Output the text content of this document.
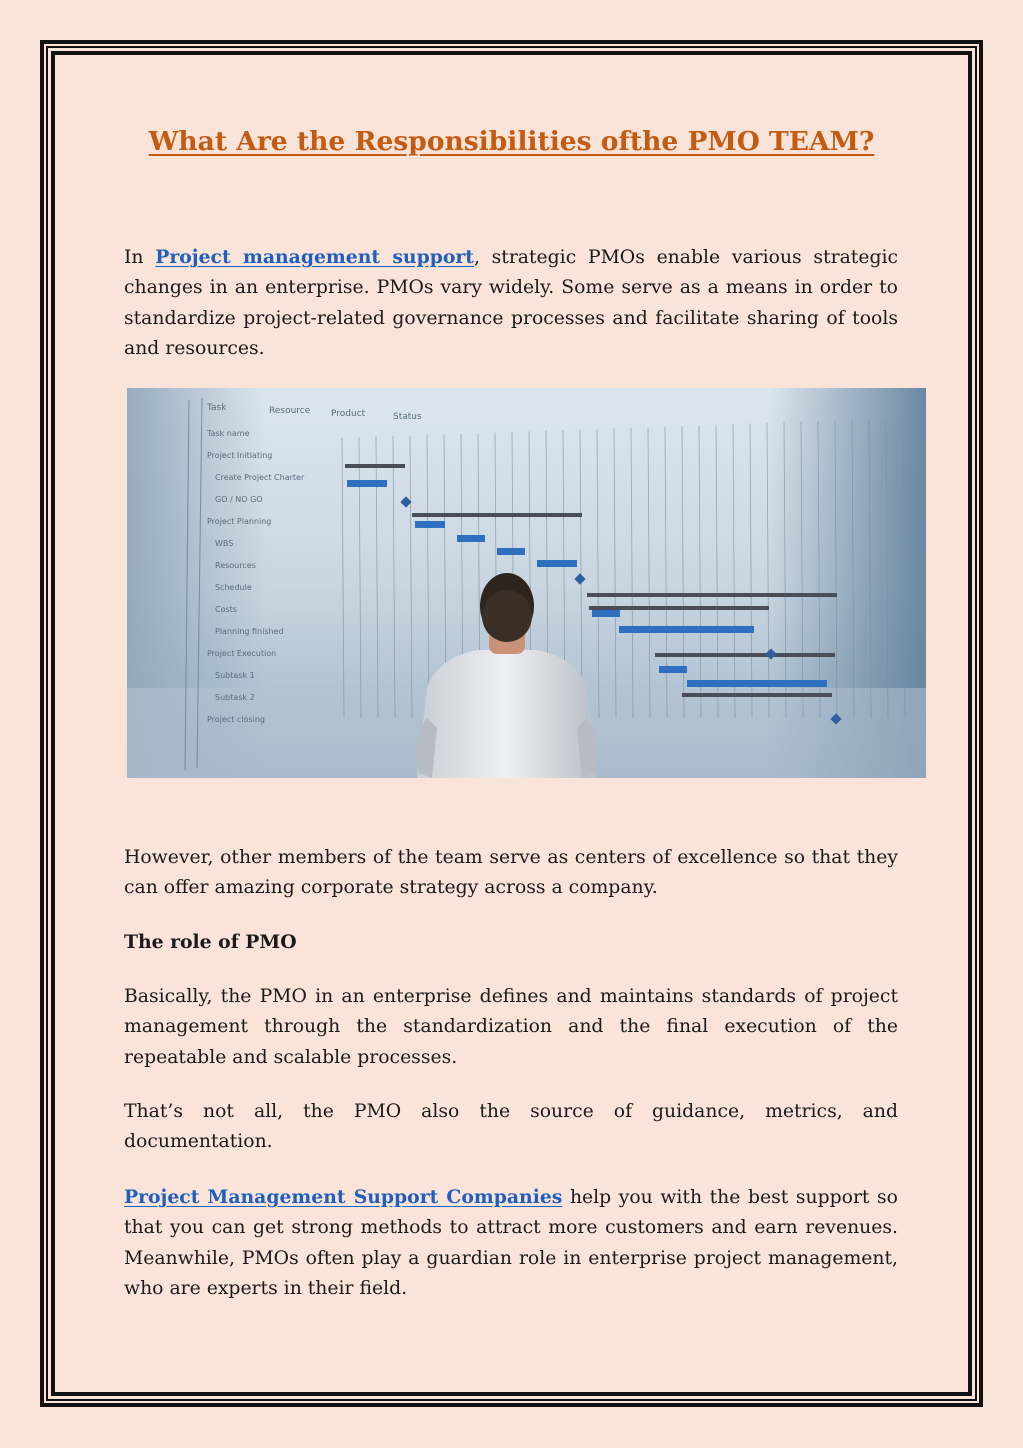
What Are the Responsibilities ofthe PMO TEAM?

In Project management support, strategic PMOs enable various strategic changes in an enterprise. PMOs vary widely. Some serve as a means in order to standardize project-related governance processes and facilitate sharing of tools and resources.

Task	Resource Product	Status
Task name
Project Initiating
Create Project Charter
GO / NO GO
Project Planning
WBS
Resources
Schedule
Costs
Planning finished
Project Execution
Subtask 1
Subtask 2
Project closing

However, other members of the team serve as centers of excellence so that they can offer amazing corporate strategy across a company.

The role of PMO

Basically, the PMO in an enterprise defines and maintains standards of project management through the standardization and the final execution of the repeatable and scalable processes.

That’s not all, the PMO also the source of guidance, metrics, and documentation.

Project Management Support Companies help you with the best support so that you can get strong methods to attract more customers and earn revenues. Meanwhile, PMOs often play a guardian role in enterprise project management, who are experts in their field.
